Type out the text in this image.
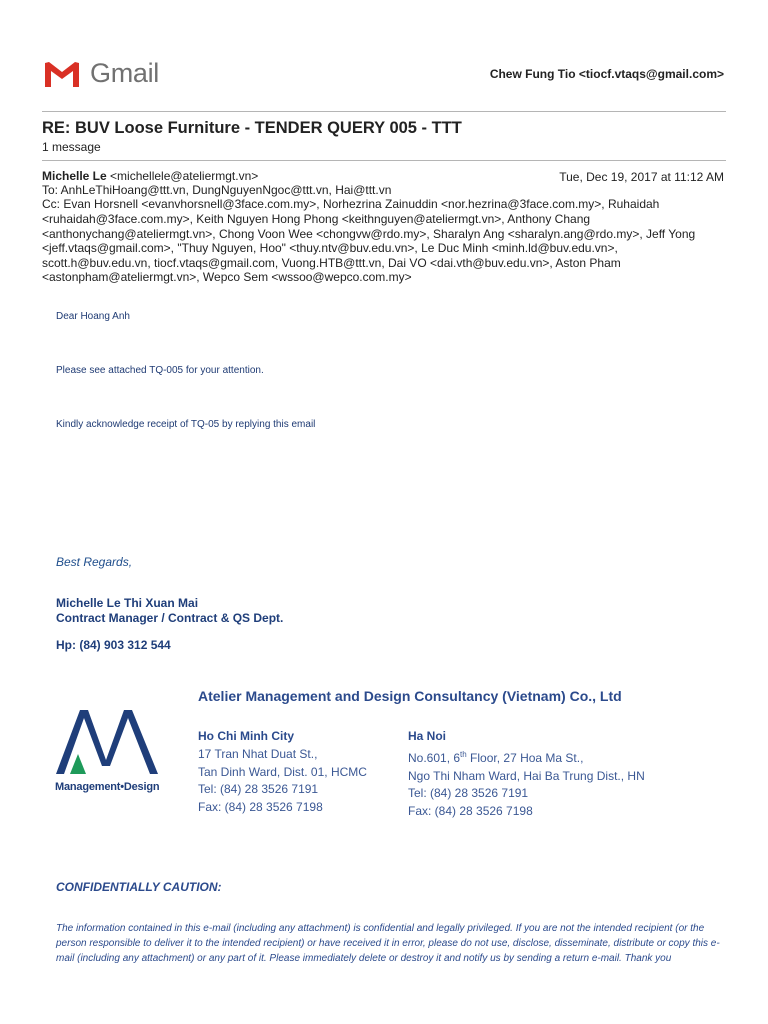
Gmail	Chew Fung Tio <tiocf.vtaqs@gmail.com>
RE: BUV Loose Furniture - TENDER QUERY 005 - TTT
1 message
Michelle Le <michellele@ateliermgt.vn>	Tue, Dec 19, 2017 at 11:12 AM
To: AnhLeThiHoang@ttt.vn, DungNguyenNgoc@ttt.vn, Hai@ttt.vn
Cc: Evan Horsnell <evanvhorsnell@3face.com.my>, Norhezrina Zainuddin <nor.hezrina@3face.com.my>, Ruhaidah
<ruhaidah@3face.com.my>, Keith Nguyen Hong Phong <keithnguyen@ateliermgt.vn>, Anthony Chang
<anthonychang@ateliermgt.vn>, Chong Voon Wee <chongvw@rdo.my>, Sharalyn Ang <sharalyn.ang@rdo.my>, Jeff Yong
<jeff.vtaqs@gmail.com>, "Thuy Nguyen, Hoo" <thuy.ntv@buv.edu.vn>, Le Duc Minh <minh.ld@buv.edu.vn>,
scott.h@buv.edu.vn, tiocf.vtaqs@gmail.com, Vuong.HTB@ttt.vn, Dai VO <dai.vth@buv.edu.vn>, Aston Pham
<astonpham@ateliermgt.vn>, Wepco Sem <wssoo@wepco.com.my>
Dear Hoang Anh
Please see attached TQ-005 for your attention.
Kindly acknowledge receipt of TQ-05 by replying this email
Best Regards,
Michelle Le Thi Xuan Mai
Contract Manager / Contract & QS Dept.
Hp: (84) 903 312 544
Atelier Management and Design Consultancy (Vietnam) Co., Ltd
Management•Design
Ho Chi Minh City
17 Tran Nhat Duat St.,
Tan Dinh Ward, Dist. 01, HCMC
Tel: (84) 28 3526 7191
Fax: (84) 28 3526 7198
Ha Noi
No.601, 6th Floor, 27 Hoa Ma St.,
Ngo Thi Nham Ward, Hai Ba Trung Dist., HN
Tel: (84) 28 3526 7191
Fax: (84) 28 3526 7198
CONFIDENTIALLY CAUTION:
The information contained in this e-mail (including any attachment) is confidential and legally privileged. If you are not the intended recipient (or the person responsible to deliver it to the intended recipient) or have received it in error, please do not use, disclose, disseminate, distribute or copy this e-mail (including any attachment) or any part of it. Please immediately delete or destroy it and notify us by sending a return e-mail. Thank you
